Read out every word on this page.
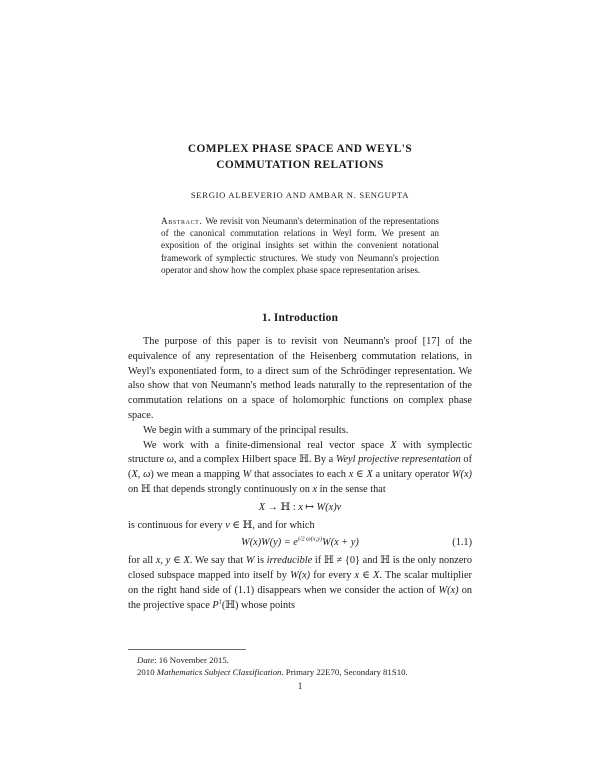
COMPLEX PHASE SPACE AND WEYL'S
COMMUTATION RELATIONS
SERGIO ALBEVERIO AND AMBAR N. SENGUPTA
Abstract. We revisit von Neumann's determination of the representations of the canonical commutation relations in Weyl form. We present an exposition of the original insights set within the convenient notational framework of symplectic structures. We study von Neumann's projection operator and show how the complex phase space representation arises.
1. Introduction

The purpose of this paper is to revisit von Neumann's proof [17] of the equivalence of any representation of the Heisenberg commutation relations, in Weyl's exponentiated form, to a direct sum of the Schrödinger representation. We also show that von Neumann's method leads naturally to the representation of the commutation relations on a space of holomorphic functions on complex phase space.

We begin with a summary of the principal results.

We work with a finite-dimensional real vector space X with symplectic structure ω, and a complex Hilbert space ℍ. By a Weyl projective representation of (X, ω) we mean a mapping W that associates to each x ∈ X a unitary operator W(x) on ℍ that depends strongly continuously on x in the sense that

X → ℍ : x ↦ W(x)v

is continuous for every v ∈ ℍ, and for which

$W(x)W(y) = e^{i/2 \omega(x,y)}W(x + y)$	(1.1)

for all x, y ∈ X. We say that W is irreducible if ℍ ≠ {0} and ℍ is the only nonzero closed subspace mapped into itself by W(x) for every x ∈ X. The scalar multiplier on the right hand side of (1.1) disappears when we consider the action of W(x) on the projective space $P^1(ℍ)$ whose points

Date: 16 November 2015.

2010 Mathematics Subject Classification. Primary 22E70, Secondary 81S10.

1
